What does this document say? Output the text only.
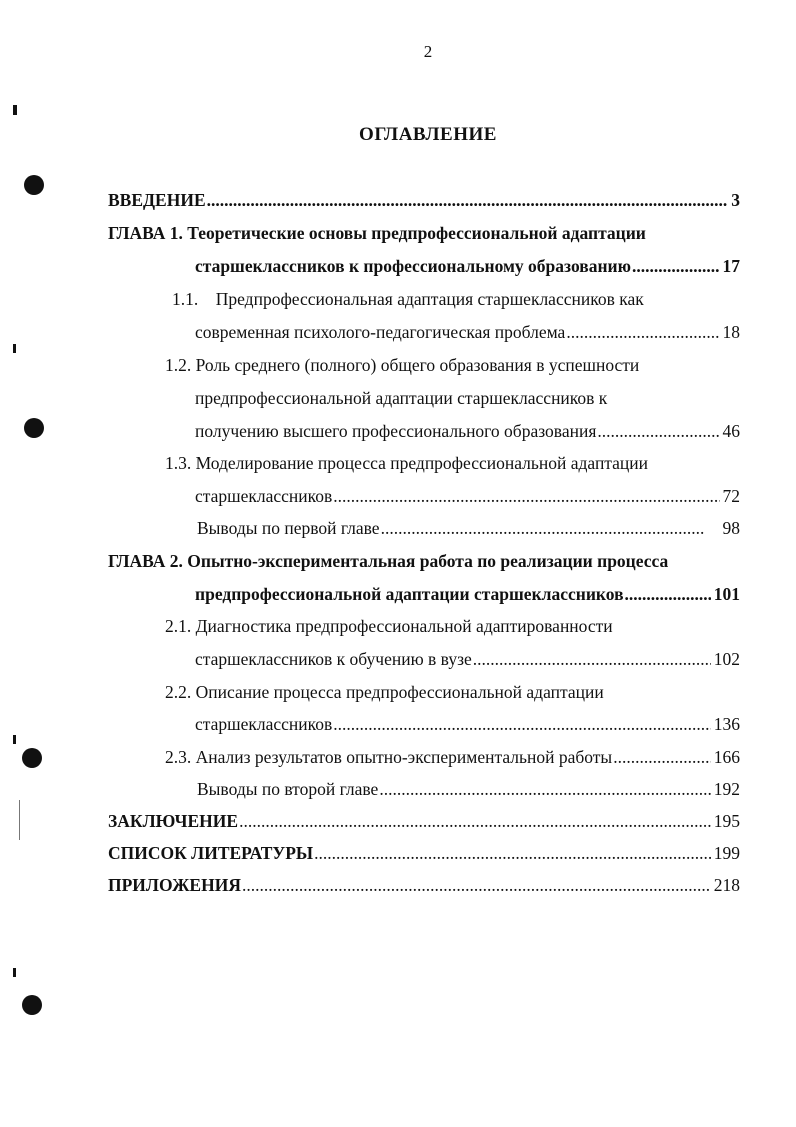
2
ОГЛАВЛЕНИЕ
ВВЕДЕНИЕ .....	3
ГЛАВА 1. Теоретические основы предпрофессиональной адаптации
старшеклассников к профессиональному образованию .....	17
1.1.    Предпрофессиональная адаптация старшеклассников как
современная психолого-педагогическая проблема .....	18
1.2. Роль среднего (полного) общего образования в успешности
предпрофессиональной адаптации старшеклассников к
получению высшего профессионального образования .....	46
1.3. Моделирование процесса предпрофессиональной адаптации
старшеклассников .....	72
Выводы по первой главе .....	98
ГЛАВА 2. Опытно-экспериментальная работа по реализации процесса
предпрофессиональной адаптации старшеклассников .....	101
2.1. Диагностика предпрофессиональной адаптированности
старшеклассников к обучению в вузе .....	102
2.2. Описание процесса предпрофессиональной адаптации
старшеклассников .....	136
2.3. Анализ результатов опытно-экспериментальной работы .....	166
Выводы по второй главе .....	192
ЗАКЛЮЧЕНИЕ .....	195
СПИСОК ЛИТЕРАТУРЫ .....	199
ПРИЛОЖЕНИЯ .....	218
